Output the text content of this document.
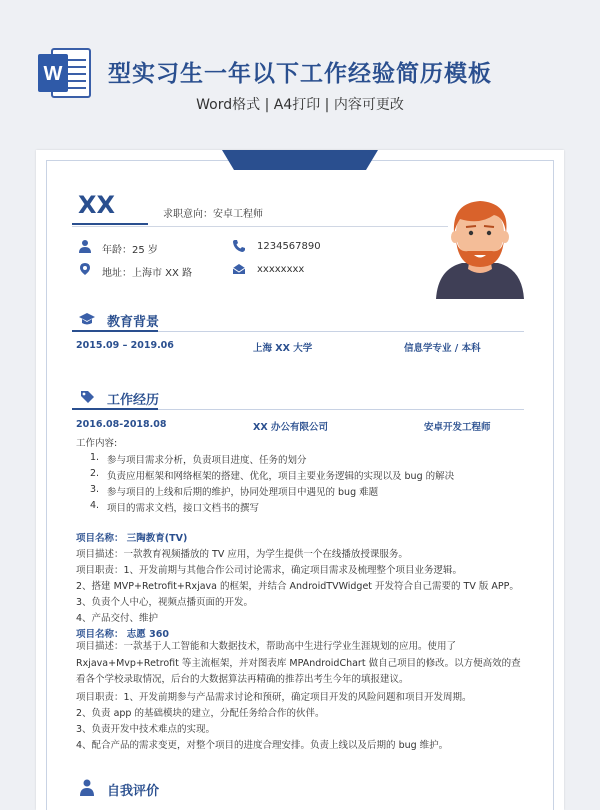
W	型实习生一年以下工作经验简历模板
Word格式 | A4打印 | 内容可更改
XX	求职意向：安卓工程师
年龄：25 岁	1234567890
地址：上海市 XX 路	xxxxxxxx
教育背景
2015.09 – 2019.06	上海 XX 大学	信息学专业 / 本科
工作经历
2016.08-2018.08	XX 办公有限公司	安卓开发工程师
工作内容:
1. 参与项目需求分析，负责项目进度、任务的划分
2. 负责应用框架和网络框架的搭建、优化，项目主要业务逻辑的实现以及 bug 的解决
3. 参与项目的上线和后期的维护，协同处理项目中遇见的 bug 难题
4. 项目的需求文档，接口文档书的撰写
项目名称： 三陶教育(TV)
项目描述：一款教育视频播放的 TV 应用，为学生提供一个在线播放授课服务。
项目职责：1、开发前期与其他合作公司讨论需求，确定项目需求及梳理整个项目业务逻辑。
2、搭建 MVP+Retrofit+Rxjava 的框架，并结合 AndroidTVWidget 开发符合自己需要的 TV 版 APP。
3、负责个人中心，视频点播页面的开发。
4、产品交付、维护
项目名称： 志愿 360
项目描述：一款基于人工智能和大数据技术，帮助高中生进行学业生涯规划的应用。使用了 Rxjava+Mvp+Retrofit 等主流框架，并对图表库 MPAndroidChart 做自己项目的修改。以方便高效的查看各个学校录取情况，后台的大数据算法再精确的推荐出考生今年的填报建议。
项目职责：1、开发前期参与产品需求讨论和预研，确定项目开发的风险问题和项目开发周期。
2、负责 app 的基础模块的建立，分配任务给合作的伙伴。
3、负责开发中技术难点的实现。
4、配合产品的需求变更，对整个项目的进度合理安排。负责上线以及后期的 bug 维护。
自我评价
